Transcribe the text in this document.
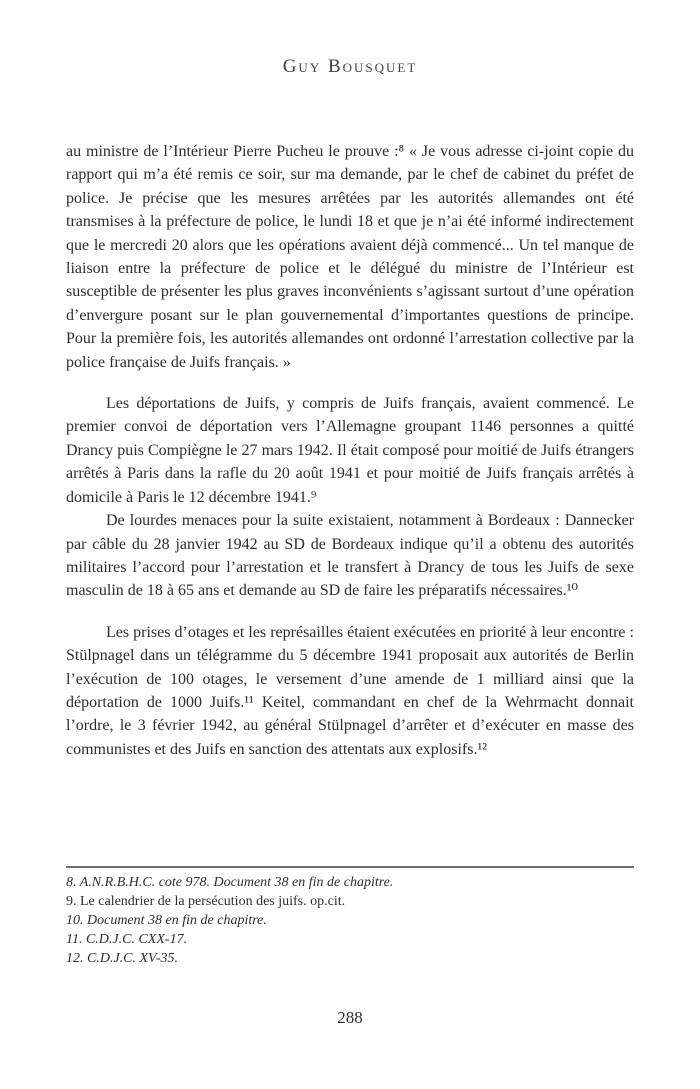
Guy Bousquet

au ministre de l’Intérieur Pierre Pucheu le prouve :⁸ « Je vous adresse ci-joint copie du rapport qui m’a été remis ce soir, sur ma demande, par le chef de cabinet du préfet de police. Je précise que les mesures arrêtées par les autorités allemandes ont été transmises à la préfecture de police, le lundi 18 et que je n’ai été informé indirectement que le mercredi 20 alors que les opérations avaient déjà commencé... Un tel manque de liaison entre la préfecture de police et le délégué du ministre de l’Intérieur est susceptible de présenter les plus graves inconvénients s’agissant surtout d’une opération d’envergure posant sur le plan gouvernemental d’importantes questions de principe. Pour la première fois, les autorités allemandes ont ordonné l’arrestation collective par la police française de Juifs français. »

Les déportations de Juifs, y compris de Juifs français, avaient commencé. Le premier convoi de déportation vers l’Allemagne groupant 1146 personnes a quitté Drancy puis Compiègne le 27 mars 1942. Il était composé pour moitié de Juifs étrangers arrêtés à Paris dans la rafle du 20 août 1941 et pour moitié de Juifs français arrêtés à domicile à Paris le 12 décembre 1941.⁹

De lourdes menaces pour la suite existaient, notamment à Bordeaux : Dannecker par câble du 28 janvier 1942 au SD de Bordeaux indique qu’il a obtenu des autorités militaires l’accord pour l’arrestation et le transfert à Drancy de tous les Juifs de sexe masculin de 18 à 65 ans et demande au SD de faire les préparatifs nécessaires.¹⁰

Les prises d’otages et les représailles étaient exécutées en priorité à leur encontre : Stülpnagel dans un télégramme du 5 décembre 1941 proposait aux autorités de Berlin l’exécution de 100 otages, le versement d’une amende de 1 milliard ainsi que la déportation de 1000 Juifs.¹¹ Keitel, commandant en chef de la Wehrmacht donnait l’ordre, le 3 février 1942, au général Stülpnagel d’arrêter et d’exécuter en masse des communistes et des Juifs en sanction des attentats aux explosifs.¹²

8. A.N.R.B.H.C. cote 978. Document 38 en fin de chapitre.
9. Le calendrier de la persécution des juifs. op.cit.
10. Document 38 en fin de chapitre.
11. C.D.J.C. CXX-17.
12. C.D.J.C. XV-35.
288
